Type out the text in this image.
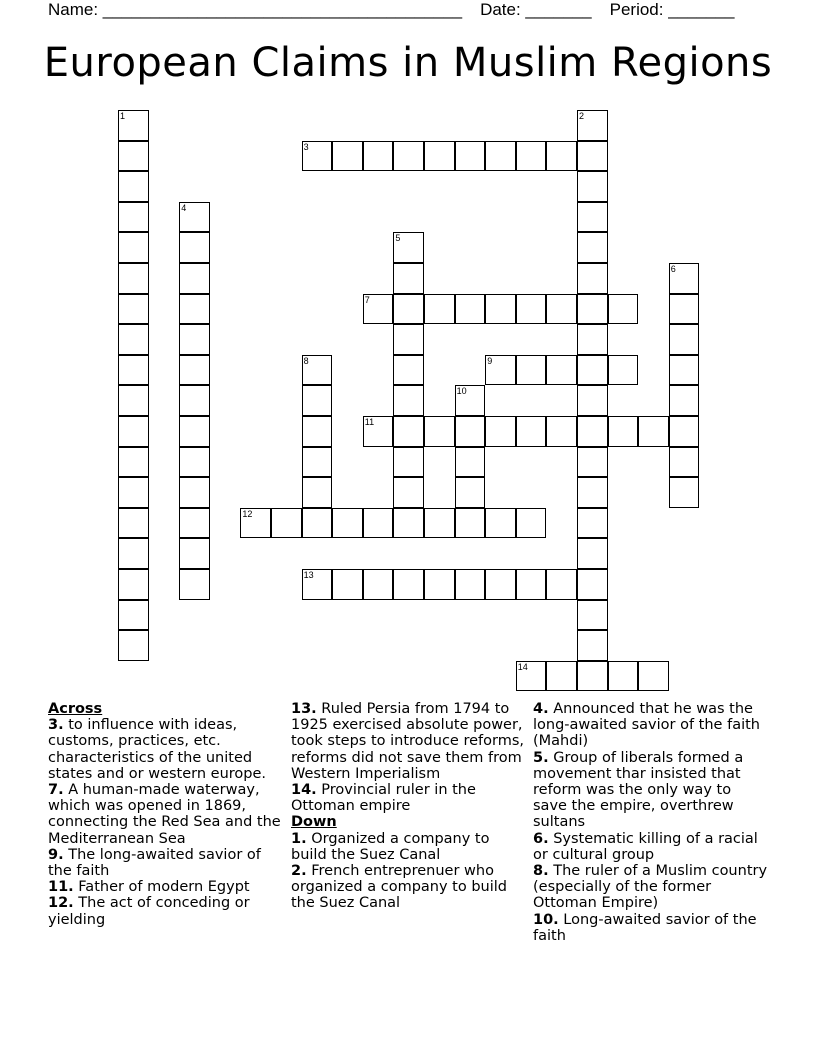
Name: ______________________________________ Date: _______ Period: _______
European Claims in Muslim Regions
1	2
3
4
5
6
7
8	9
10
11
12
13
14
Across
3. to influence with ideas, customs, practices, etc. characteristics of the united states and or western europe.
7. A human-made waterway, which was opened in 1869, connecting the Red Sea and the Mediterranean Sea
9. The long-awaited savior of the faith
11. Father of modern Egypt
12. The act of conceding or yielding
13. Ruled Persia from 1794 to 1925 exercised absolute power, took steps to introduce reforms, reforms did not save them from Western Imperialism
14. Provincial ruler in the Ottoman empire
Down
1. Organized a company to build the Suez Canal
2. French entreprenuer who organized a company to build the Suez Canal
4. Announced that he was the long-awaited savior of the faith (Mahdi)
5. Group of liberals formed a movement thar insisted that reform was the only way to save the empire, overthrew sultans
6. Systematic killing of a racial or cultural group
8. The ruler of a Muslim country (especially of the former Ottoman Empire)
10. Long-awaited savior of the faith
